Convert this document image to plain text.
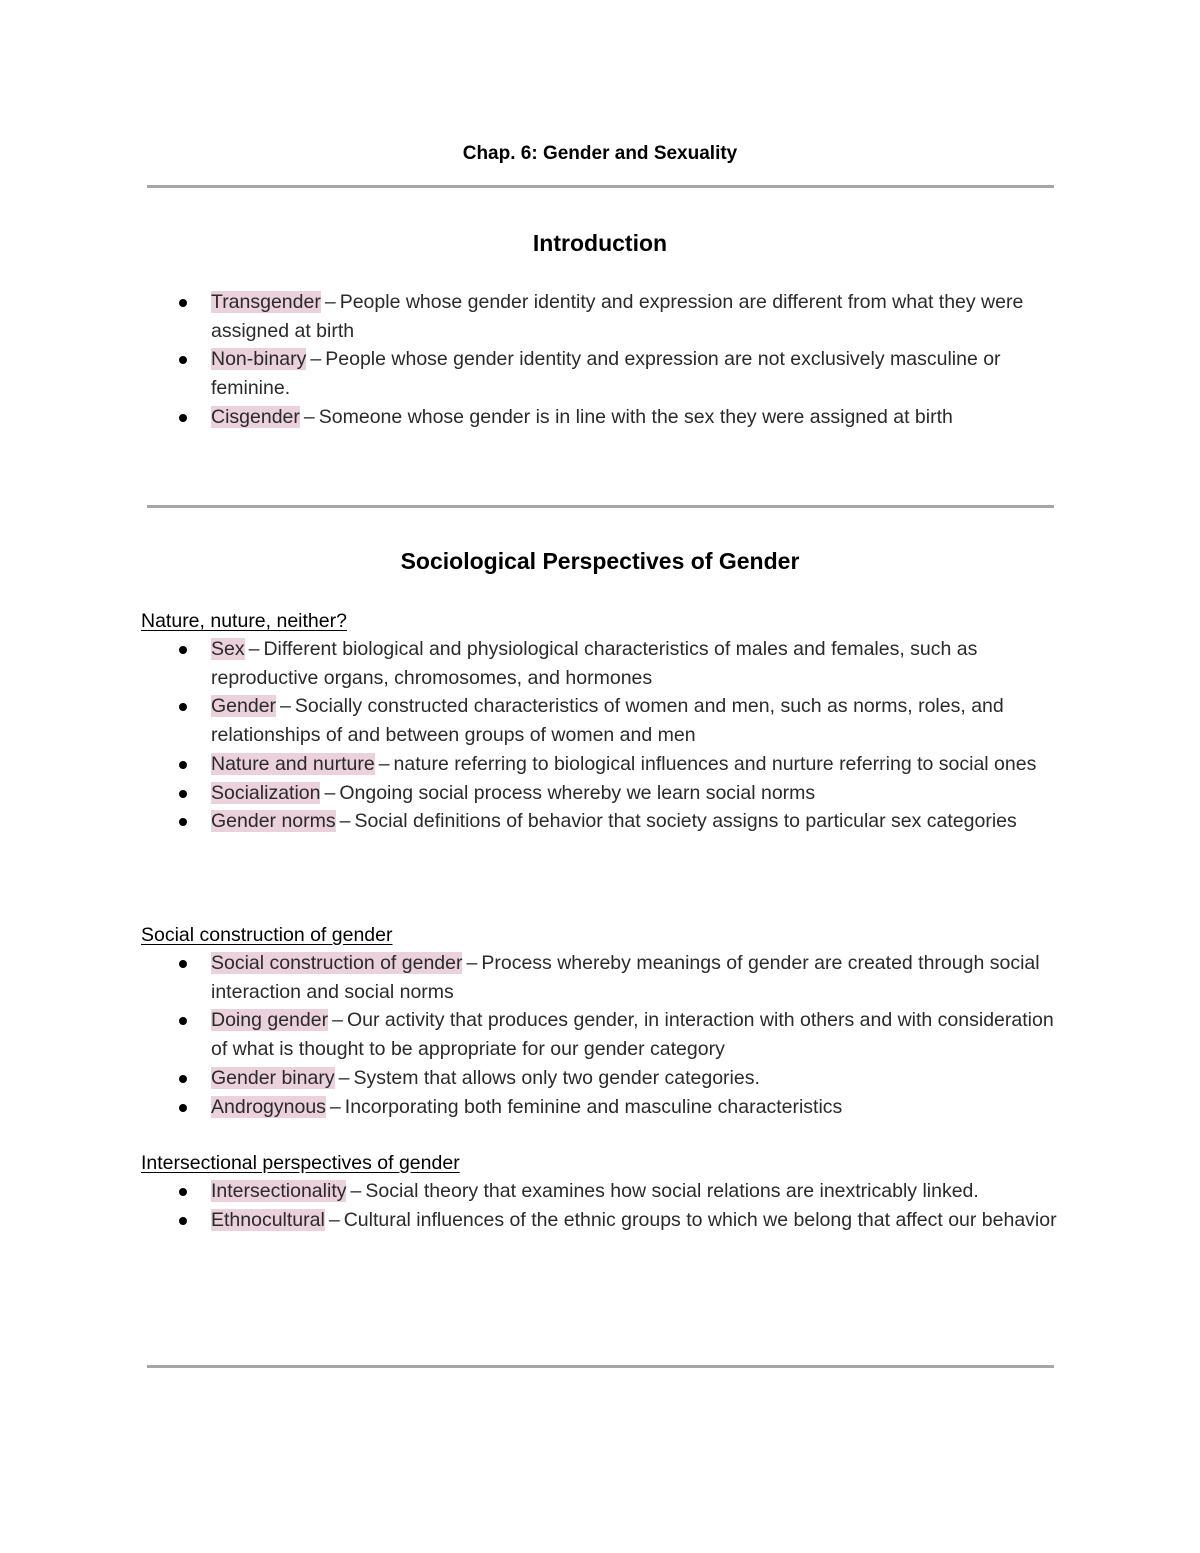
Chap. 6: Gender and Sexuality
Introduction
Transgender – People whose gender identity and expression are different from what they were assigned at birth
Non-binary – People whose gender identity and expression are not exclusively masculine or feminine.
Cisgender – Someone whose gender is in line with the sex they were assigned at birth
Sociological Perspectives of Gender
Nature, nuture, neither?
Sex – Different biological and physiological characteristics of males and females, such as reproductive organs, chromosomes, and hormones
Gender – Socially constructed characteristics of women and men, such as norms, roles, and relationships of and between groups of women and men
Nature and nurture – nature referring to biological influences and nurture referring to social ones
Socialization – Ongoing social process whereby we learn social norms
Gender norms – Social definitions of behavior that society assigns to particular sex categories
Social construction of gender
Social construction of gender – Process whereby meanings of gender are created through social interaction and social norms
Doing gender – Our activity that produces gender, in interaction with others and with consideration of what is thought to be appropriate for our gender category
Gender binary – System that allows only two gender categories.
Androgynous – Incorporating both feminine and masculine characteristics
Intersectional perspectives of gender
Intersectionality – Social theory that examines how social relations are inextricably linked.
Ethnocultural – Cultural influences of the ethnic groups to which we belong that affect our behavior
